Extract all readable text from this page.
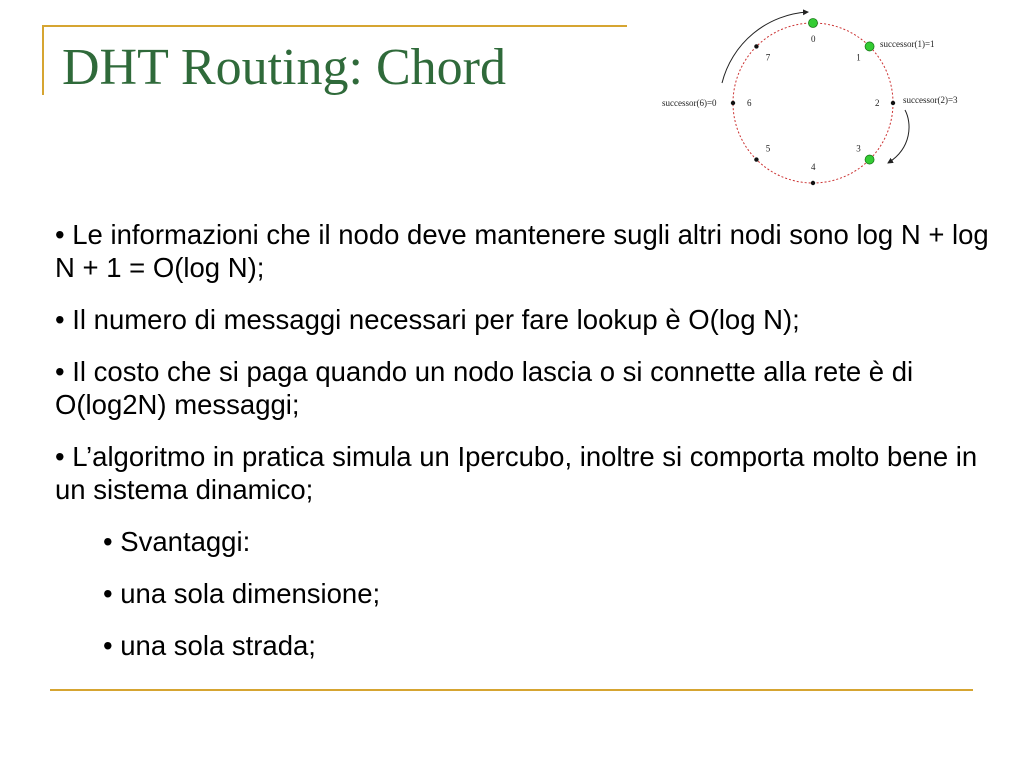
DHT Routing: Chord	0
1
2
3
4
5
6
7
successor(1)=1
successor(2)=3
successor(6)=0

• Le informazioni che il nodo deve mantenere sugli altri nodi sono log N + log N + 1 = O(log N);

• Il numero di messaggi necessari per fare lookup è O(log N);

• Il costo che si paga quando un nodo lascia o si connette alla rete è di O(log2N) messaggi;

• L’algoritmo in pratica simula un Ipercubo, inoltre si comporta molto bene in un sistema dinamico;

• Svantaggi:

• una sola dimensione;

• una sola strada;
